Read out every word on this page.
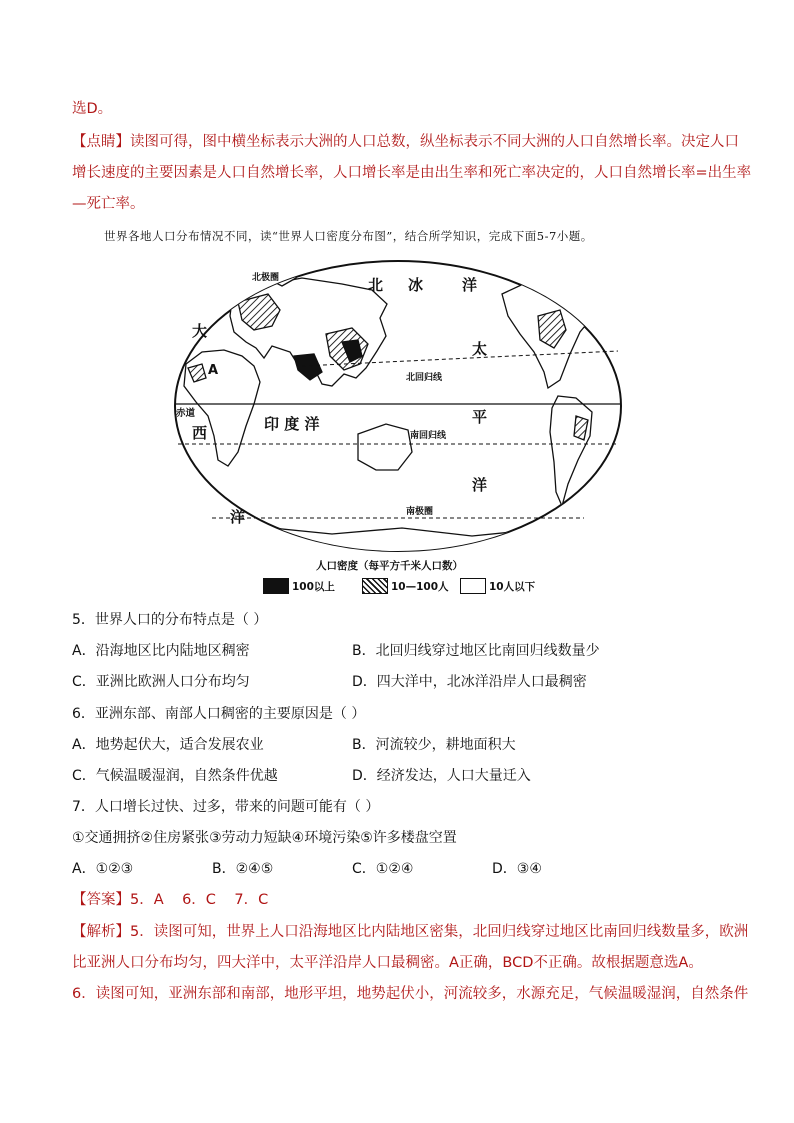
选D。
【点睛】读图可得，图中横坐标表示大洲的人口总数，纵坐标表示不同大洲的人口自然增长率。决定人口
增长速度的主要因素是人口自然增长率，人口增长率是由出生率和死亡率决定的，人口自然增长率=出生率
—死亡率。
世界各地人口分布情况不同，读“世界人口密度分布图”，结合所学知识，完成下面5-7小题。
北极圈	北 冰	洋
大
太
A	北回归线
赤道	平
西	印 度 洋
南回归线
洋
南极圈
洋
人口密度（每平方千米人口数）
100以上	10—100人	10人以下
5．世界人口的分布特点是（ ）
A．沿海地区比内陆地区稠密	B．北回归线穿过地区比南回归线数量少
C．亚洲比欧洲人口分布均匀	D．四大洋中，北冰洋沿岸人口最稠密
6．亚洲东部、南部人口稠密的主要原因是（ ）
A．地势起伏大，适合发展农业	B．河流较少，耕地面积大
C．气候温暖湿润，自然条件优越	D．经济发达，人口大量迁入
7．人口增长过快、过多，带来的问题可能有（ ）
①交通拥挤②住房紧张③劳动力短缺④环境污染⑤许多楼盘空置
A．①②③	B．②④⑤	C．①②④	D．③④
【答案】5．A    6．C    7．C
【解析】5．读图可知，世界上人口沿海地区比内陆地区密集，北回归线穿过地区比南回归线数量多，欧洲
比亚洲人口分布均匀，四大洋中，太平洋沿岸人口最稠密。A正确，BCD不正确。故根据题意选A。
6．读图可知，亚洲东部和南部，地形平坦，地势起伏小，河流较多，水源充足，气候温暖湿润，自然条件
